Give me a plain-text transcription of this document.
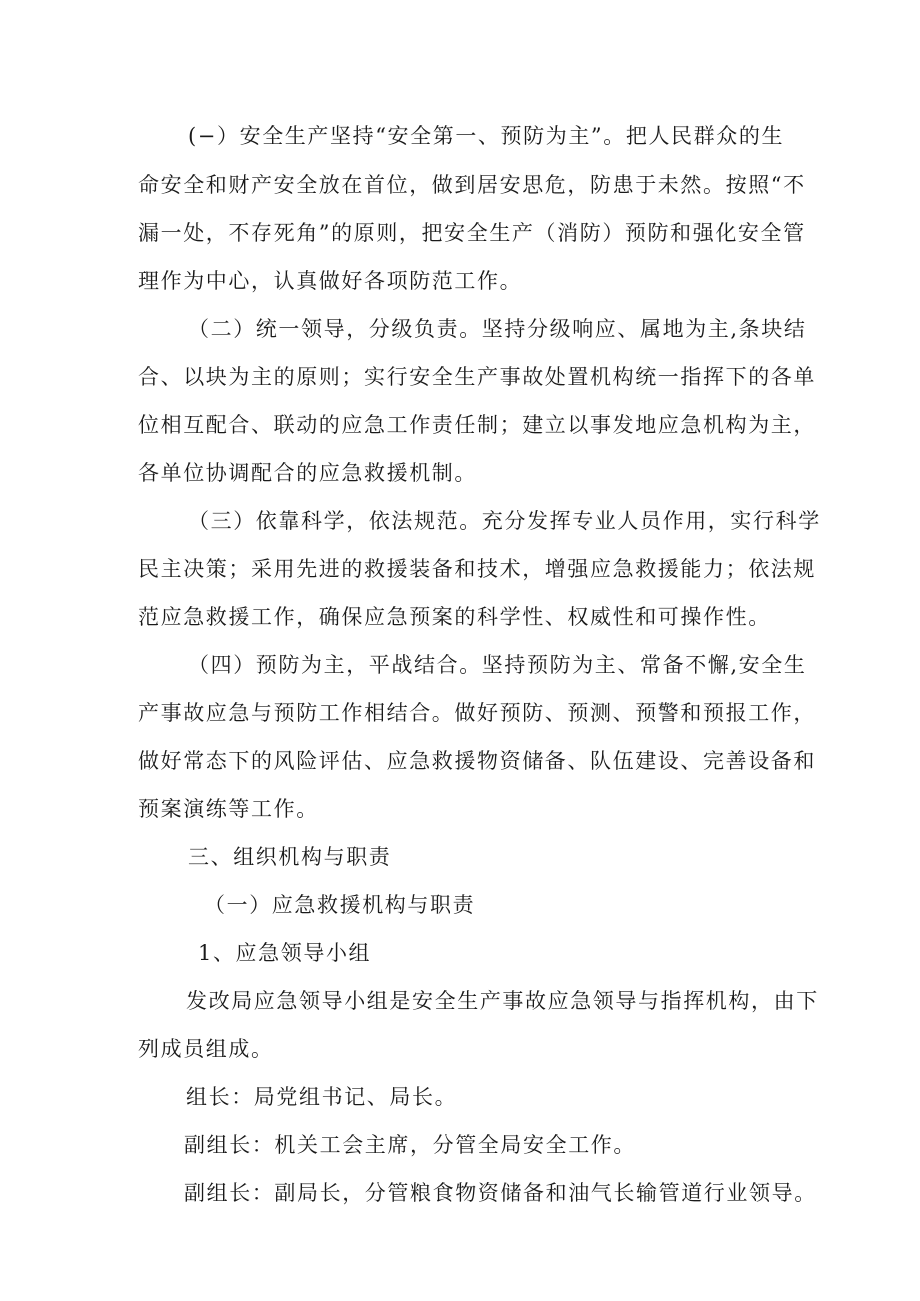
(−）安全生产坚持“安全第一、预防为主”。把人民群众的生
命安全和财产安全放在首位，做到居安思危，防患于未然。按照“不
漏一处，不存死角”的原则，把安全生产（消防）预防和强化安全管
理作为中心，认真做好各项防范工作。
（二）统一领导，分级负责。坚持分级响应、属地为主,条块结
合、以块为主的原则；实行安全生产事故处置机构统一指挥下的各单
位相互配合、联动的应急工作责任制；建立以事发地应急机构为主，
各单位协调配合的应急救援机制。
（三）依靠科学，依法规范。充分发挥专业人员作用，实行科学
民主决策；采用先进的救援装备和技术，增强应急救援能力；依法规
范应急救援工作，确保应急预案的科学性、权威性和可操作性。
（四）预防为主，平战结合。坚持预防为主、常备不懈,安全生
产事故应急与预防工作相结合。做好预防、预测、预警和预报工作，
做好常态下的风险评估、应急救援物资储备、队伍建设、完善设备和
预案演练等工作。
三、组织机构与职责
（一）应急救援机构与职责
1、应急领导小组
发改局应急领导小组是安全生产事故应急领导与指挥机构，由下
列成员组成。
组长：局党组书记、局长。
副组长：机关工会主席，分管全局安全工作。
副组长：副局长，分管粮食物资储备和油气长输管道行业领导。
